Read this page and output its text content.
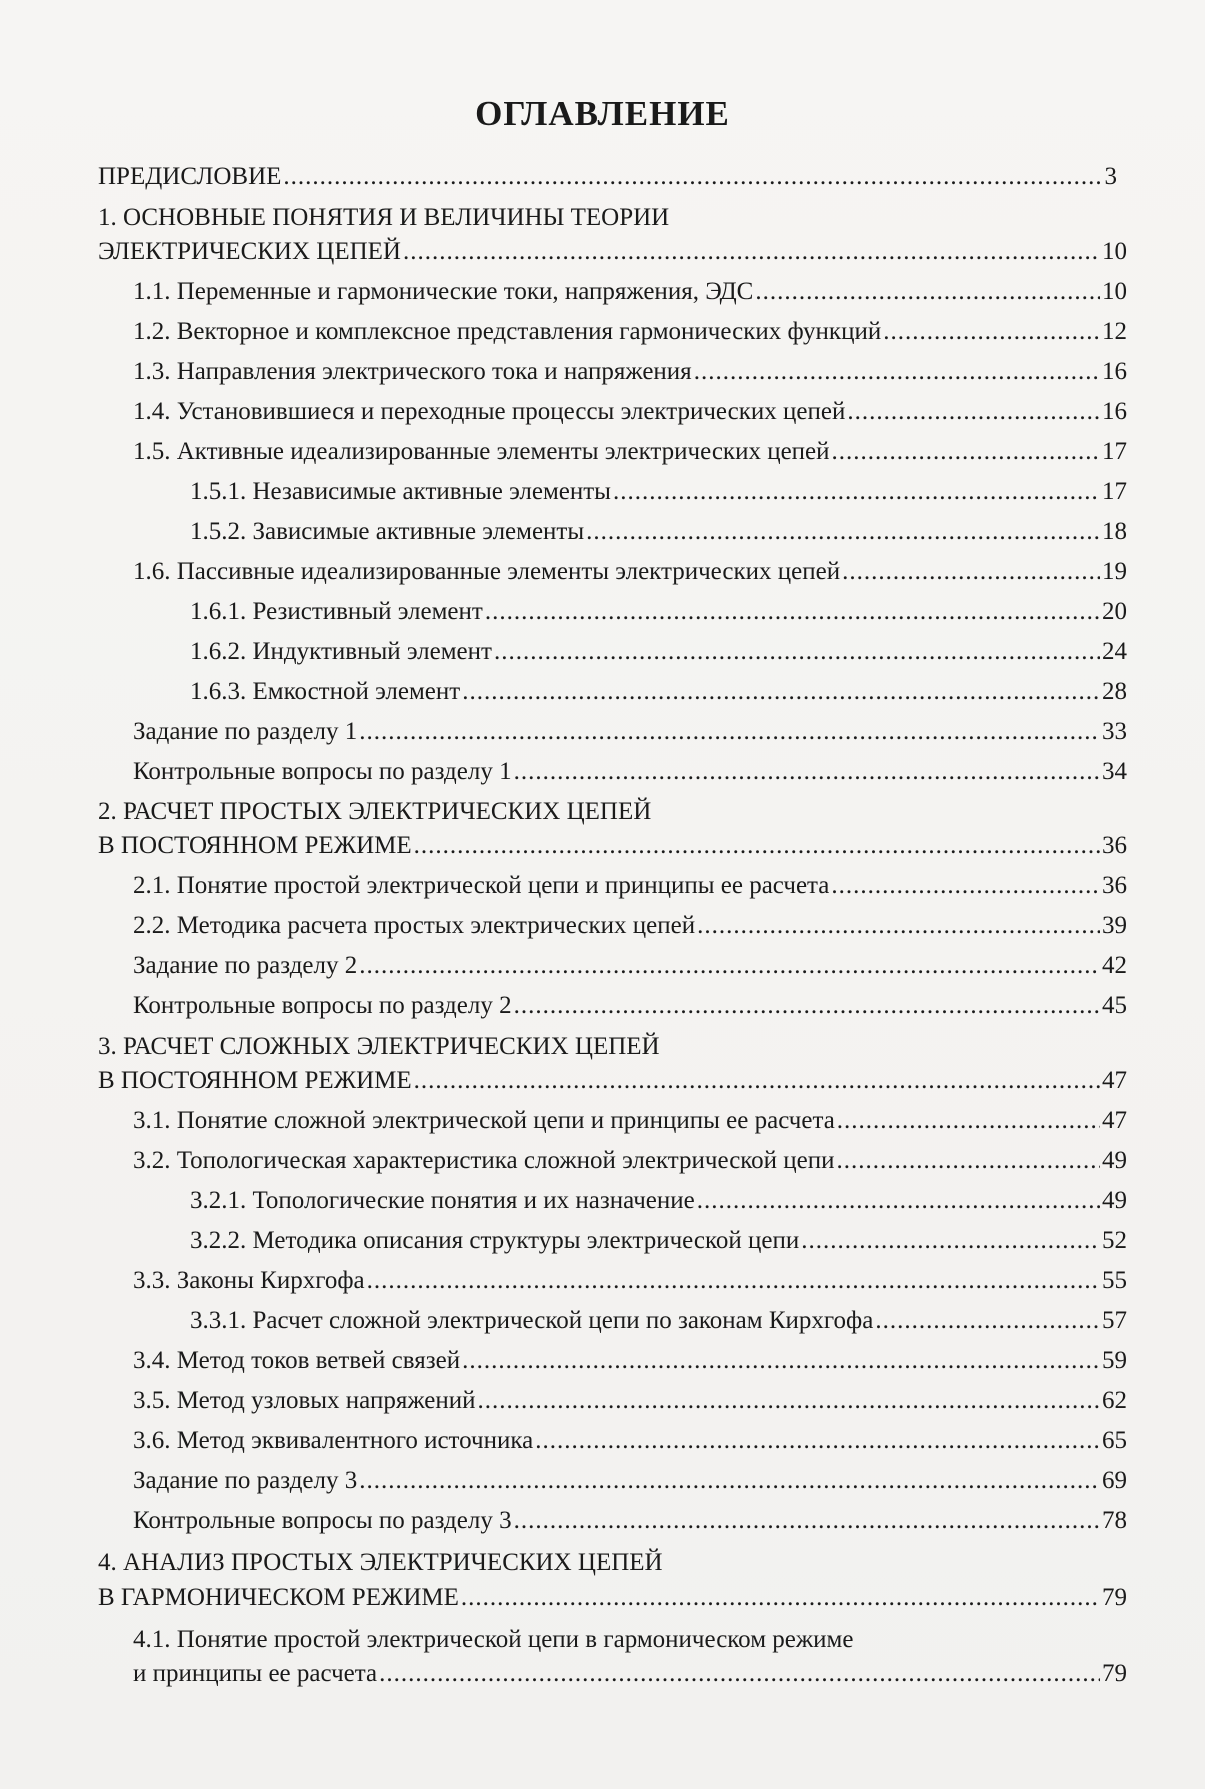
ОГЛАВЛЕНИЕ
ПРЕДИСЛОВИЕ .....	3
1. ОСНОВНЫЕ ПОНЯТИЯ И ВЕЛИЧИНЫ ТЕОРИИ
ЭЛЕКТРИЧЕСКИХ ЦЕПЕЙ .....	10
1.1. Переменные и гармонические токи, напряжения, ЭДС .....	10
1.2. Векторное и комплексное представления гармонических функций .....	12
1.3. Направления электрического тока и напряжения .....	16
1.4. Установившиеся и переходные процессы электрических цепей .....	16
1.5. Активные идеализированные элементы электрических цепей .....	17
1.5.1. Независимые активные элементы .....	17
1.5.2. Зависимые активные элементы .....	18
1.6. Пассивные идеализированные элементы электрических цепей .....	19
1.6.1. Резистивный элемент .....	20
1.6.2. Индуктивный элемент .....	24
1.6.3. Емкостной элемент .....	28
Задание по разделу 1 .....	33
Контрольные вопросы по разделу 1 .....	34
2. РАСЧЕТ ПРОСТЫХ ЭЛЕКТРИЧЕСКИХ ЦЕПЕЙ
В ПОСТОЯННОМ РЕЖИМЕ .....	36
2.1. Понятие простой электрической цепи и принципы ее расчета .....	36
2.2. Методика расчета простых электрических цепей .....	39
Задание по разделу 2 .....	42
Контрольные вопросы по разделу 2 .....	45
3. РАСЧЕТ СЛОЖНЫХ ЭЛЕКТРИЧЕСКИХ ЦЕПЕЙ
В ПОСТОЯННОМ РЕЖИМЕ .....	47
3.1. Понятие сложной электрической цепи и принципы ее расчета .....	47
3.2. Топологическая характеристика сложной электрической цепи .....	49
3.2.1. Топологические понятия и их назначение .....	49
3.2.2. Методика описания структуры электрической цепи .....	52
3.3. Законы Кирхгофа .....	55
3.3.1. Расчет сложной электрической цепи по законам Кирхгофа .....	57
3.4. Метод токов ветвей связей .....	59
3.5. Метод узловых напряжений .....	62
3.6. Метод эквивалентного источника .....	65
Задание по разделу 3 .....	69
Контрольные вопросы по разделу 3 .....	78
4. АНАЛИЗ ПРОСТЫХ ЭЛЕКТРИЧЕСКИХ ЦЕПЕЙ
В ГАРМОНИЧЕСКОМ РЕЖИМЕ .....	79
4.1. Понятие простой электрической цепи в гармоническом режиме
и принципы ее расчета .....	79
